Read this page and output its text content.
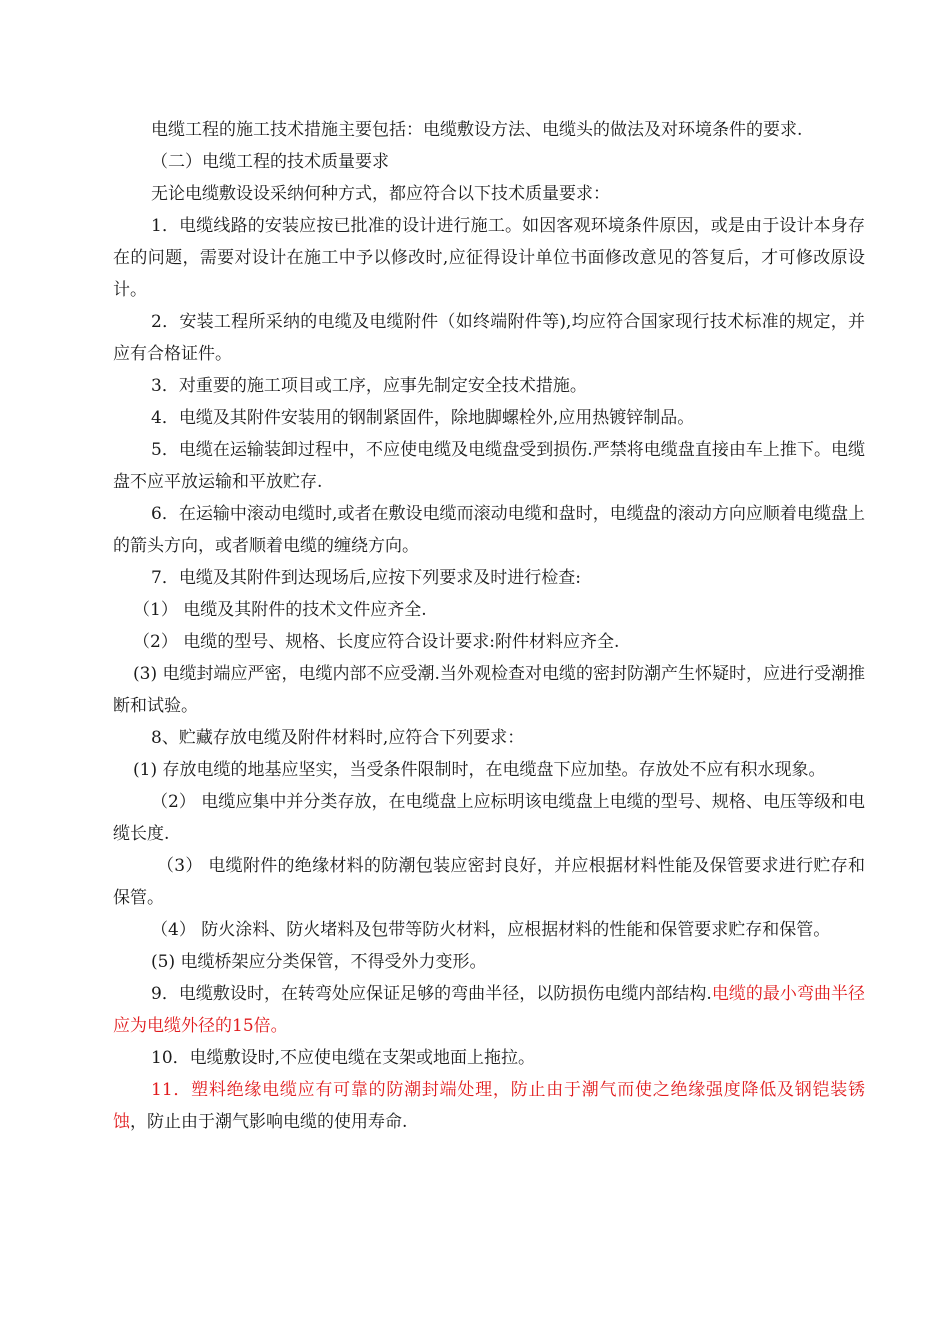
电缆工程的施工技术措施主要包括：电缆敷设方法、电缆头的做法及对环境条件的要求.

（二）电缆工程的技术质量要求

无论电缆敷设设采纳何种方式，都应符合以下技术质量要求：

1．电缆线路的安装应按已批准的设计进行施工。如因客观环境条件原因，或是由于设计本身存在的问题，需要对设计在施工中予以修改时,应征得设计单位书面修改意见的答复后，才可修改原设计。

2．安装工程所采纳的电缆及电缆附件（如终端附件等),均应符合国家现行技术标准的规定，并应有合格证件。

3．对重要的施工项目或工序，应事先制定安全技术措施。

4．电缆及其附件安装用的钢制紧固件，除地脚螺栓外,应用热镀锌制品。

5．电缆在运输装卸过程中，不应使电缆及电缆盘受到损伤.严禁将电缆盘直接由车上推下。电缆盘不应平放运输和平放贮存.

6．在运输中滚动电缆时,或者在敷设电缆而滚动电缆和盘时，电缆盘的滚动方向应顺着电缆盘上的箭头方向，或者顺着电缆的缠绕方向。

7．电缆及其附件到达现场后,应按下列要求及时进行检查:

（1） 电缆及其附件的技术文件应齐全.

（2） 电缆的型号、规格、长度应符合设计要求:附件材料应齐全.

(3) 电缆封端应严密，电缆内部不应受潮.当外观检查对电缆的密封防潮产生怀疑时，应进行受潮推断和试验。

8、贮藏存放电缆及附件材料时,应符合下列要求：

(1) 存放电缆的地基应坚实，当受条件限制时，在电缆盘下应加垫。存放处不应有积水现象。

（2） 电缆应集中并分类存放，在电缆盘上应标明该电缆盘上电缆的型号、规格、电压等级和电缆长度.

（3） 电缆附件的绝缘材料的防潮包装应密封良好，并应根据材料性能及保管要求进行贮存和保管。

（4） 防火涂料、防火堵料及包带等防火材料，应根据材料的性能和保管要求贮存和保管。

(5) 电缆桥架应分类保管，不得受外力变形。

9．电缆敷设时，在转弯处应保证足够的弯曲半径，以防损伤电缆内部结构.电缆的最小弯曲半径应为电缆外径的15倍。

10．电缆敷设时,不应使电缆在支架或地面上拖拉。

11．塑料绝缘电缆应有可靠的防潮封端处理，防止由于潮气而使之绝缘强度降低及钢铠装锈蚀，防止由于潮气影响电缆的使用寿命.
